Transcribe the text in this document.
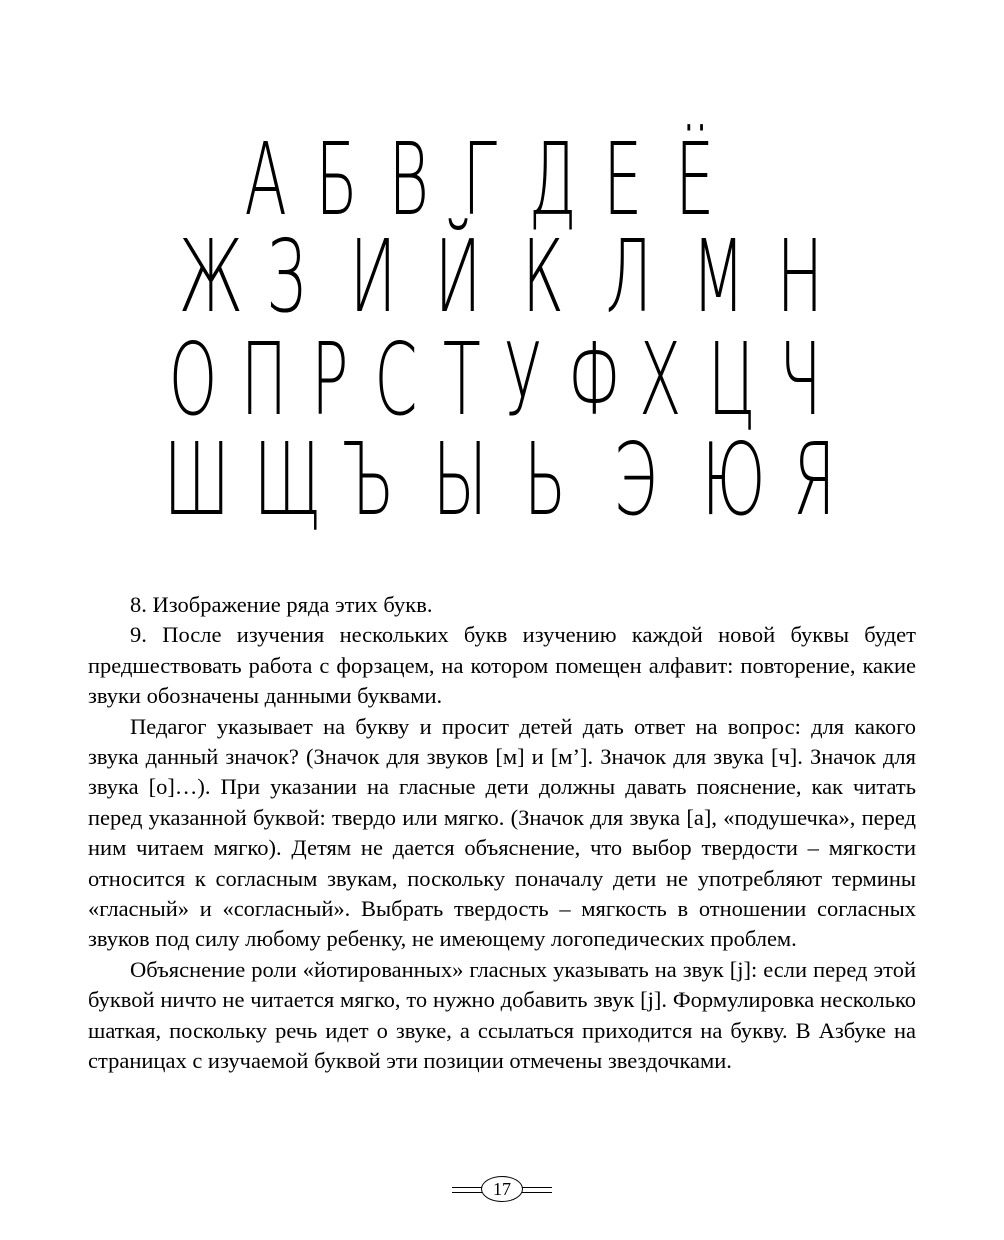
А Б В Г Д Е Ё
Ж З И Й К Л М Н
О П Р С Т У Ф Х Ц Ч
Ш Щ Ъ Ы Ь Э Ю Я

8. Изображение ряда этих букв.

9. После изучения нескольких букв изучению каждой новой буквы будет предшествовать работа с форзацем, на котором помещен алфавит: повторение, какие звуки обозначены данными буквами.

Педагог указывает на букву и просит детей дать ответ на вопрос: для какого звука данный значок? (Значок для звуков [м] и [м’]. Значок для звука [ч]. Значок для звука [о]…). При указании на гласные дети должны давать пояснение, как читать перед указанной буквой: твердо или мягко. (Значок для звука [а], «подушечка», перед ним читаем мягко). Детям не дается объяснение, что выбор твердости – мягкости относится к согласным звукам, поскольку поначалу дети не употребляют термины «гласный» и «согласный». Выбрать твердость – мягкость в отношении согласных звуков под силу любому ребенку, не имеющему логопедических проблем.

Объяснение роли «йотированных» гласных указывать на звук [j]: если перед этой буквой ничто не читается мягко, то нужно добавить звук [j]. Формулировка несколько шаткая, поскольку речь идет о звуке, а ссылаться приходится на букву. В Азбуке на страницах с изучаемой буквой эти позиции отмечены звездочками.

17
